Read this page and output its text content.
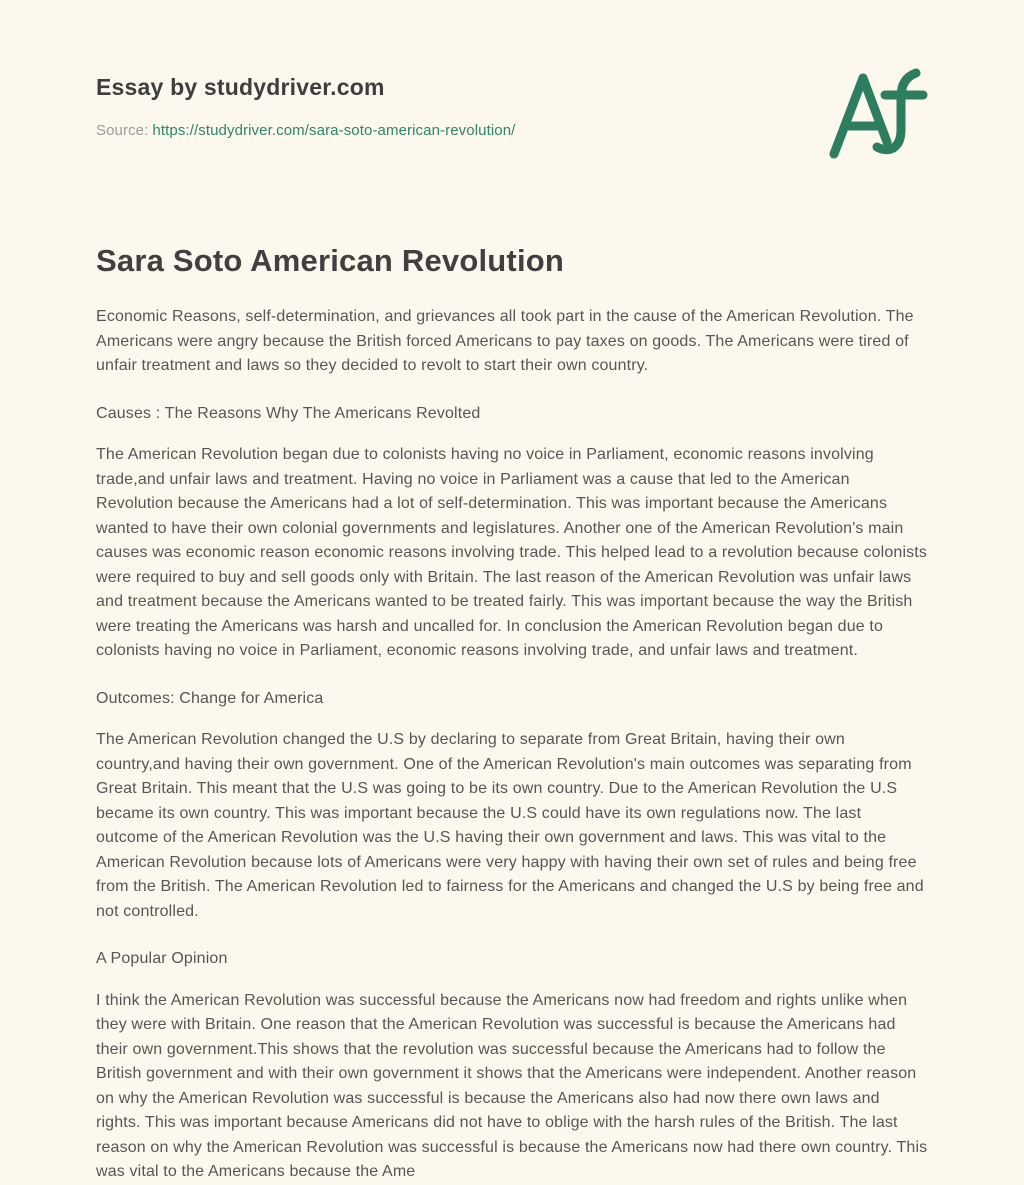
Essay by studydriver.com
Source: https://studydriver.com/sara-soto-american-revolution/
Sara Soto American Revolution

Economic Reasons, self-determination, and grievances all took part in the cause of the American Revolution. The Americans were angry because the British forced Americans to pay taxes on goods. The Americans were tired of unfair treatment and laws so they decided to revolt to start their own country.

Causes : The Reasons Why The Americans Revolted

The American Revolution began due to colonists having no voice in Parliament, economic reasons involving trade,and unfair laws and treatment. Having no voice in Parliament was a cause that led to the American Revolution because the Americans had a lot of self-determination. This was important because the Americans wanted to have their own colonial governments and legislatures. Another one of the American Revolution's main causes was economic reason economic reasons involving trade. This helped lead to a revolution because colonists were required to buy and sell goods only with Britain. The last reason of the American Revolution was unfair laws and treatment because the Americans wanted to be treated fairly. This was important because the way the British were treating the Americans was harsh and uncalled for. In conclusion the American Revolution began due to colonists having no voice in Parliament, economic reasons involving trade, and unfair laws and treatment.

Outcomes: Change for America

The American Revolution changed the U.S by declaring to separate from Great Britain, having their own country,and having their own government. One of the American Revolution's main outcomes was separating from Great Britain. This meant that the U.S was going to be its own country. Due to the American Revolution the U.S became its own country. This was important because the U.S could have its own regulations now. The last outcome of the American Revolution was the U.S having their own government and laws. This was vital to the American Revolution because lots of Americans were very happy with having their own set of rules and being free from the British. The American Revolution led to fairness for the Americans and changed the U.S by being free and not controlled.

A Popular Opinion

I think the American Revolution was successful because the Americans now had freedom and rights unlike when they were with Britain. One reason that the American Revolution was successful is because the Americans had their own government.This shows that the revolution was successful because the Americans had to follow the British government and with their own government it shows that the Americans were independent. Another reason on why the American Revolution was successful is because the Americans also had now there own laws and rights. This was important because Americans did not have to oblige with the harsh rules of the British. The last reason on why the American Revolution was successful is because the Americans now had there own country. This was vital to the Americans because the Ame
